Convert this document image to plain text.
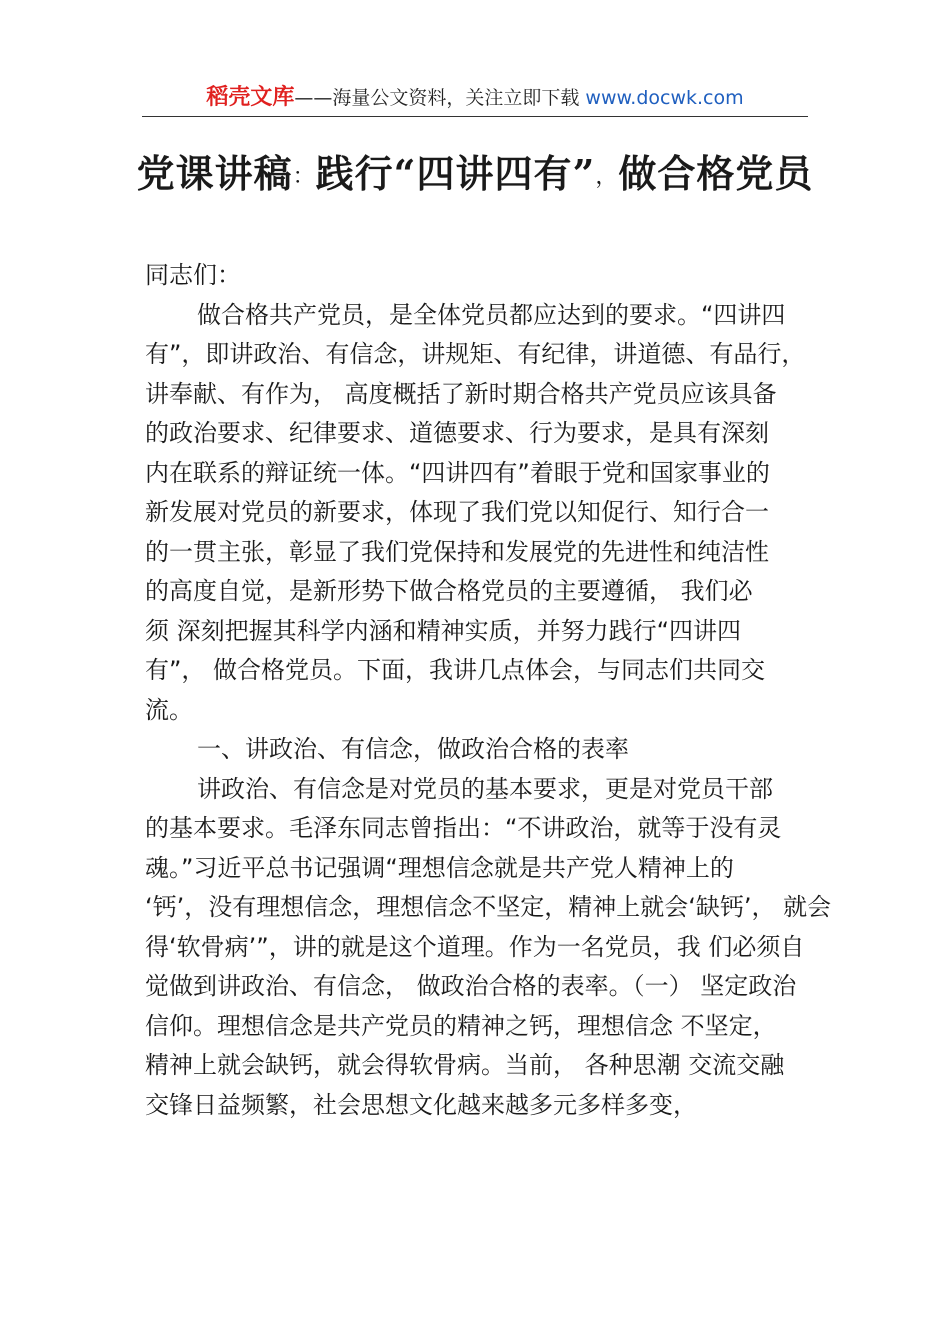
稻壳文库——海量公文资料，关注立即下载 www.docwk.com
党课讲稿：践行“四讲四有”，做合格党员
同志们：
做合格共产党员，是全体党员都应达到的要求。“四讲四
有”，即讲政治、有信念，讲规矩、有纪律，讲道德、有品行，
讲奉献、有作为， 高度概括了新时期合格共产党员应该具备
的政治要求、纪律要求、道德要求、行为要求，是具有深刻
内在联系的辩证统一体。“四讲四有”着眼于党和国家事业的
新发展对党员的新要求，体现了我们党以知促行、知行合一
的一贯主张，彰显了我们党保持和发展党的先进性和纯洁性
的高度自觉，是新形势下做合格党员的主要遵循， 我们必
须 深刻把握其科学内涵和精神实质，并努力践行“四讲四
有”， 做合格党员。下面，我讲几点体会，与同志们共同交
流。
一、讲政治、有信念，做政治合格的表率
讲政治、有信念是对党员的基本要求，更是对党员干部
的基本要求。毛泽东同志曾指出：“不讲政治，就等于没有灵
魂。”习近平总书记强调“理想信念就是共产党人精神上的
‘钙’，没有理想信念，理想信念不坚定，精神上就会‘缺钙’， 就会
得‘软骨病’”，讲的就是这个道理。作为一名党员，我 们必须自
觉做到讲政治、有信念， 做政治合格的表率。（一） 坚定政治
信仰。理想信念是共产党员的精神之钙，理想信念 不坚定，
精神上就会缺钙，就会得软骨病。当前， 各种思潮 交流交融
交锋日益频繁，社会思想文化越来越多元多样多变，
